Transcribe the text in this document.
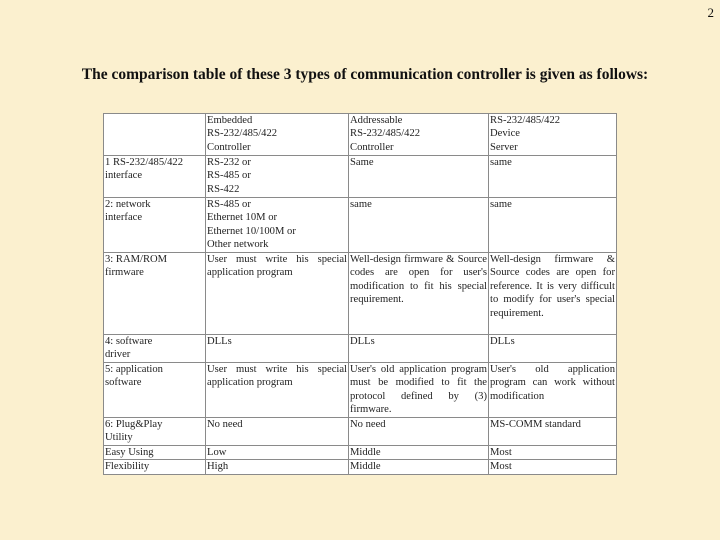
2
The comparison table of these 3 types of communication controller is given as follows:

	Embedded
RS-232/485/422
Controller	Addressable
RS-232/485/422
Controller	RS-232/485/422
Device
Server

1 RS-232/485/422
interface	RS-232 or
RS-485 or
RS-422	Same	same

2: network
interface	RS-485 or
Ethernet 10M or
Ethernet 10/100M or
Other network	same	same

3: RAM/ROM
firmware	User must write his special application program	Well-design firmware & Source codes are open for user's modification to fit his special requirement.	Well-design firmware & Source codes are open for reference. It is very difficult to modify for user's special requirement.

4: software
driver	DLLs	DLLs	DLLs

5: application
software	User must write his special application program	User's old application program must be modified to fit the protocol defined by (3) firmware.	User's old application program can work without modification

6: Plug&Play
Utility	No need	No need	MS-COMM standard

Easy Using	Low	Middle	Most

Flexibility	High	Middle	Most
